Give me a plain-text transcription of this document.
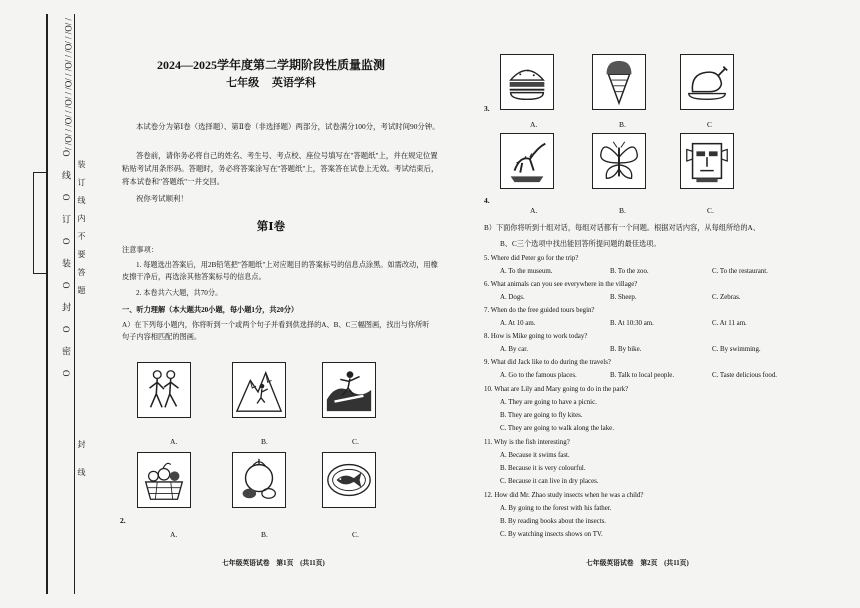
O 线 O 订 O 装 O 封 O 密 O 装订线内不要答题
封线
/ /O/ / /O/ / /O/ / /O/ / /O/ / /O/ / /O/ /	2024—2025学年度第二学期阶段性质量监测
七年级 英语学科
本试卷分为第Ⅰ卷（选择题）、第Ⅱ卷（非选择题）两部分，试卷满分100分，考试时间90分钟。
答卷前，请你务必将自己的姓名、考生号、考点校、座位号填写在"答题纸"上，并在规定位置粘贴考试用条形码。答题时，务必将答案涂写在"答题纸"上，答案答在试卷上无效。考试结束后，将本试卷和"答题纸"一并交回。
祝你考试顺利！
第Ⅰ卷
注意事项：
1. 每题选出答案后，用2B铅笔把"答题纸"上对应题目的答案标号的信息点涂黑。如需改动，用橡皮擦干净后，再选涂其他答案标号的信息点。
2. 本卷共六大题，共70分。
一、听力理解（本大题共20小题，每小题1分，共20分）
A）在下列每小题内，你将听到一个或两个句子并看到供选择的A、B、C三幅图画，找出与你所听句子内容相匹配的图画。
A.	B.	C.
2.
A.	B.	C.
七年级英语试卷　第1页　(共11页)
3.
A.	B.	C
4.
A.	B.	C.
B）下面你将听到十组对话，每组对话都有一个问题。根据对话内容，从每组所给的A、
B、C三个选项中找出能回答所提问题的最佳选项。
5. Where did Peter go for the trip?
A. To the museum.	B. To the zoo.	C. To the restaurant.
6. What animals can you see everywhere in the village?
A. Dogs.	B. Sheep.	C. Zebras.
7. When do the free guided tours begin?
A. At 10 am.	B. At 10:30 am.	C. At 11 am.
8. How is Mike going to work today?
A. By car.	B. By bike.	C. By swimming.
9. What did Jack like to do during the travels?
A. Go to the famous places.	B. Talk to local people.	C. Taste delicious food.
10. What are Lily and Mary going to do in the park?
A. They are going to have a picnic.
B. They are going to fly kites.
C. They are going to walk along the lake.
11. Why is the fish interesting?
A. Because it swims fast.
B. Because it is very colourful.
C. Because it can live in dry places.
12. How did Mr. Zhao study insects when he was a child?
A. By going to the forest with his father.
B. By reading books about the insects.
C. By watching insects shows on TV.
七年级英语试卷　第2页　(共11页)
